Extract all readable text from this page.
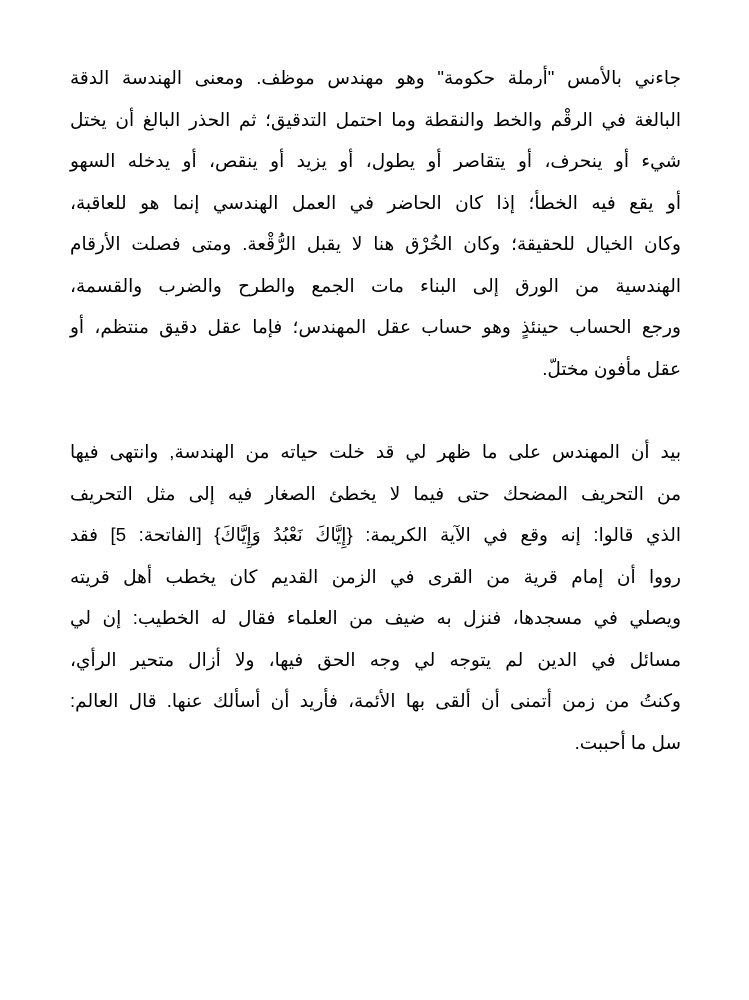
جاءني بالأمس "أرملة حكومة" وهو مهندس موظف. ومعنى الهندسة الدقة
البالغة في الرقْم والخط والنقطة وما احتمل التدقيق؛ ثم الحذر البالغ أن يختل
شيء أو ينحرف، أو يتقاصر أو يطول، أو يزيد أو ينقص، أو يدخله السهو
أو يقع فيه الخطأ؛ إذا كان الحاضر في العمل الهندسي إنما هو للعاقبة،
وكان الخيال للحقيقة؛ وكان الخُرْق هنا لا يقبل الرُّقْعة. ومتى فصلت الأرقام
الهندسية من الورق إلى البناء مات الجمع والطرح والضرب والقسمة،
ورجع الحساب حينئذٍ وهو حساب عقل المهندس؛ فإما عقل دقيق منتظم، أو
عقل مأفون مختلّ.
بيد أن المهندس على ما ظهر لي قد خلت حياته من الهندسة, وانتهى فيها
من التحريف المضحك حتى فيما لا يخطئ الصغار فيه إلى مثل التحريف
الذي قالوا: إنه وقع في الآية الكريمة: {إِيَّاكَ نَعْبُدُ وَإِيَّاكَ} [الفاتحة: 5] فقد
رووا أن إمام قرية من القرى في الزمن القديم كان يخطب أهل قريته
ويصلي في مسجدها، فنزل به ضيف من العلماء فقال له الخطيب: إن لي
مسائل في الدين لم يتوجه لي وجه الحق فيها، ولا أزال متحير الرأي،
وكنتُ من زمن أتمنى أن ألقى بها الأئمة، فأريد أن أسألك عنها. قال العالم:
سل ما أحببت.
